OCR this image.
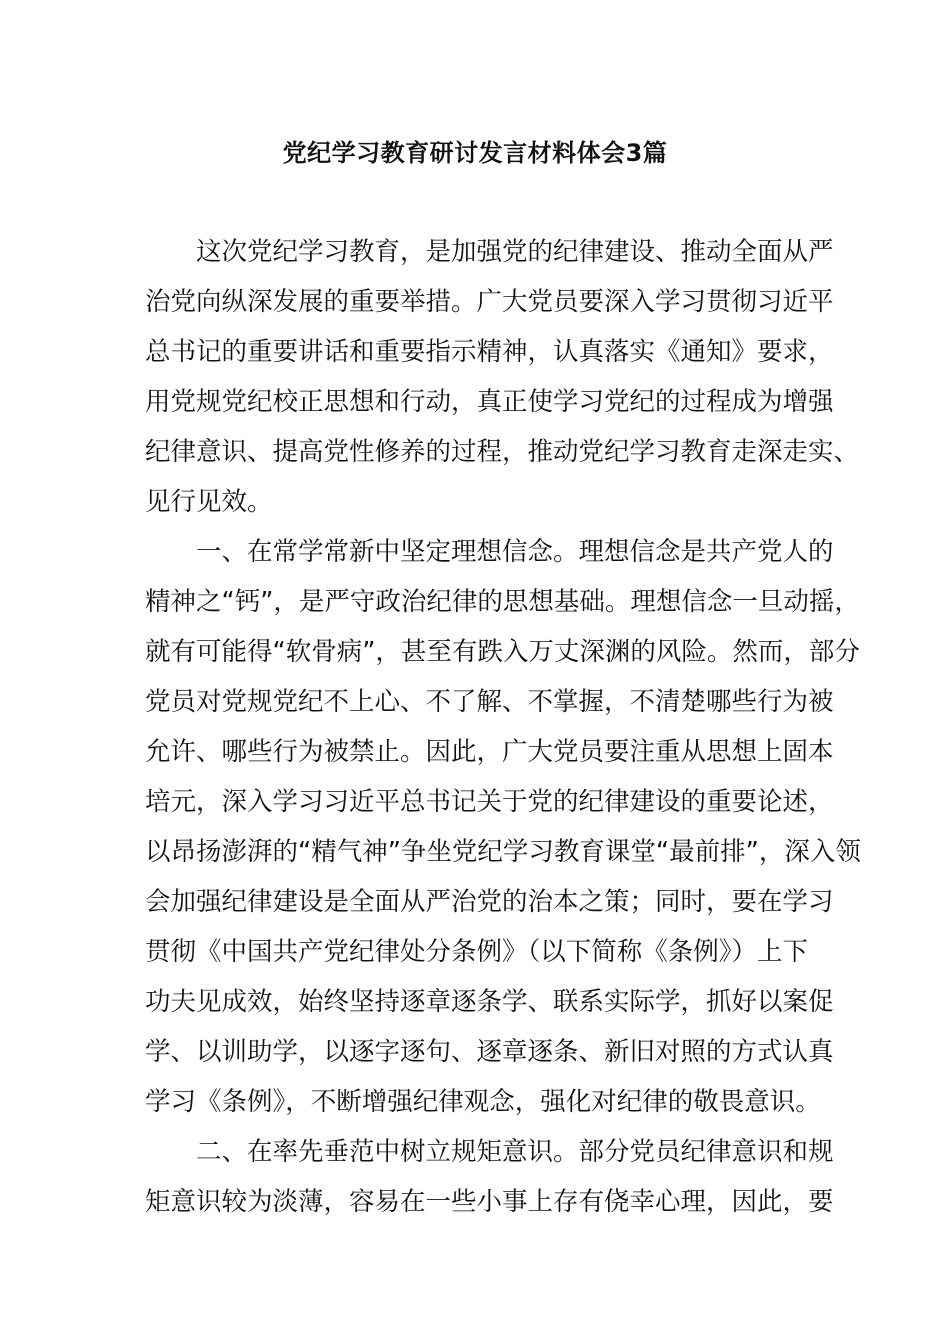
党纪学习教育研讨发言材料体会3篇
　　这次党纪学习教育，是加强党的纪律建设、推动全面从严
治党向纵深发展的重要举措。广大党员要深入学习贯彻习近平
总书记的重要讲话和重要指示精神，认真落实《通知》要求，
用党规党纪校正思想和行动，真正使学习党纪的过程成为增强
纪律意识、提高党性修养的过程，推动党纪学习教育走深走实、
见行见效。
　　一、在常学常新中坚定理想信念。理想信念是共产党人的
精神之“钙”，是严守政治纪律的思想基础。理想信念一旦动摇，
就有可能得“软骨病”，甚至有跌入万丈深渊的风险。然而，部分
党员对党规党纪不上心、不了解、不掌握，不清楚哪些行为被
允许、哪些行为被禁止。因此，广大党员要注重从思想上固本
培元，深入学习习近平总书记关于党的纪律建设的重要论述，
以昂扬澎湃的“精气神”争坐党纪学习教育课堂“最前排”，深入领
会加强纪律建设是全面从严治党的治本之策；同时，要在学习
贯彻《中国共产党纪律处分条例》（以下简称《条例》）上下
功夫见成效，始终坚持逐章逐条学、联系实际学，抓好以案促
学、以训助学，以逐字逐句、逐章逐条、新旧对照的方式认真
学习《条例》，不断增强纪律观念，强化对纪律的敬畏意识。
　　二、在率先垂范中树立规矩意识。部分党员纪律意识和规
矩意识较为淡薄，容易在一些小事上存有侥幸心理，因此，要
